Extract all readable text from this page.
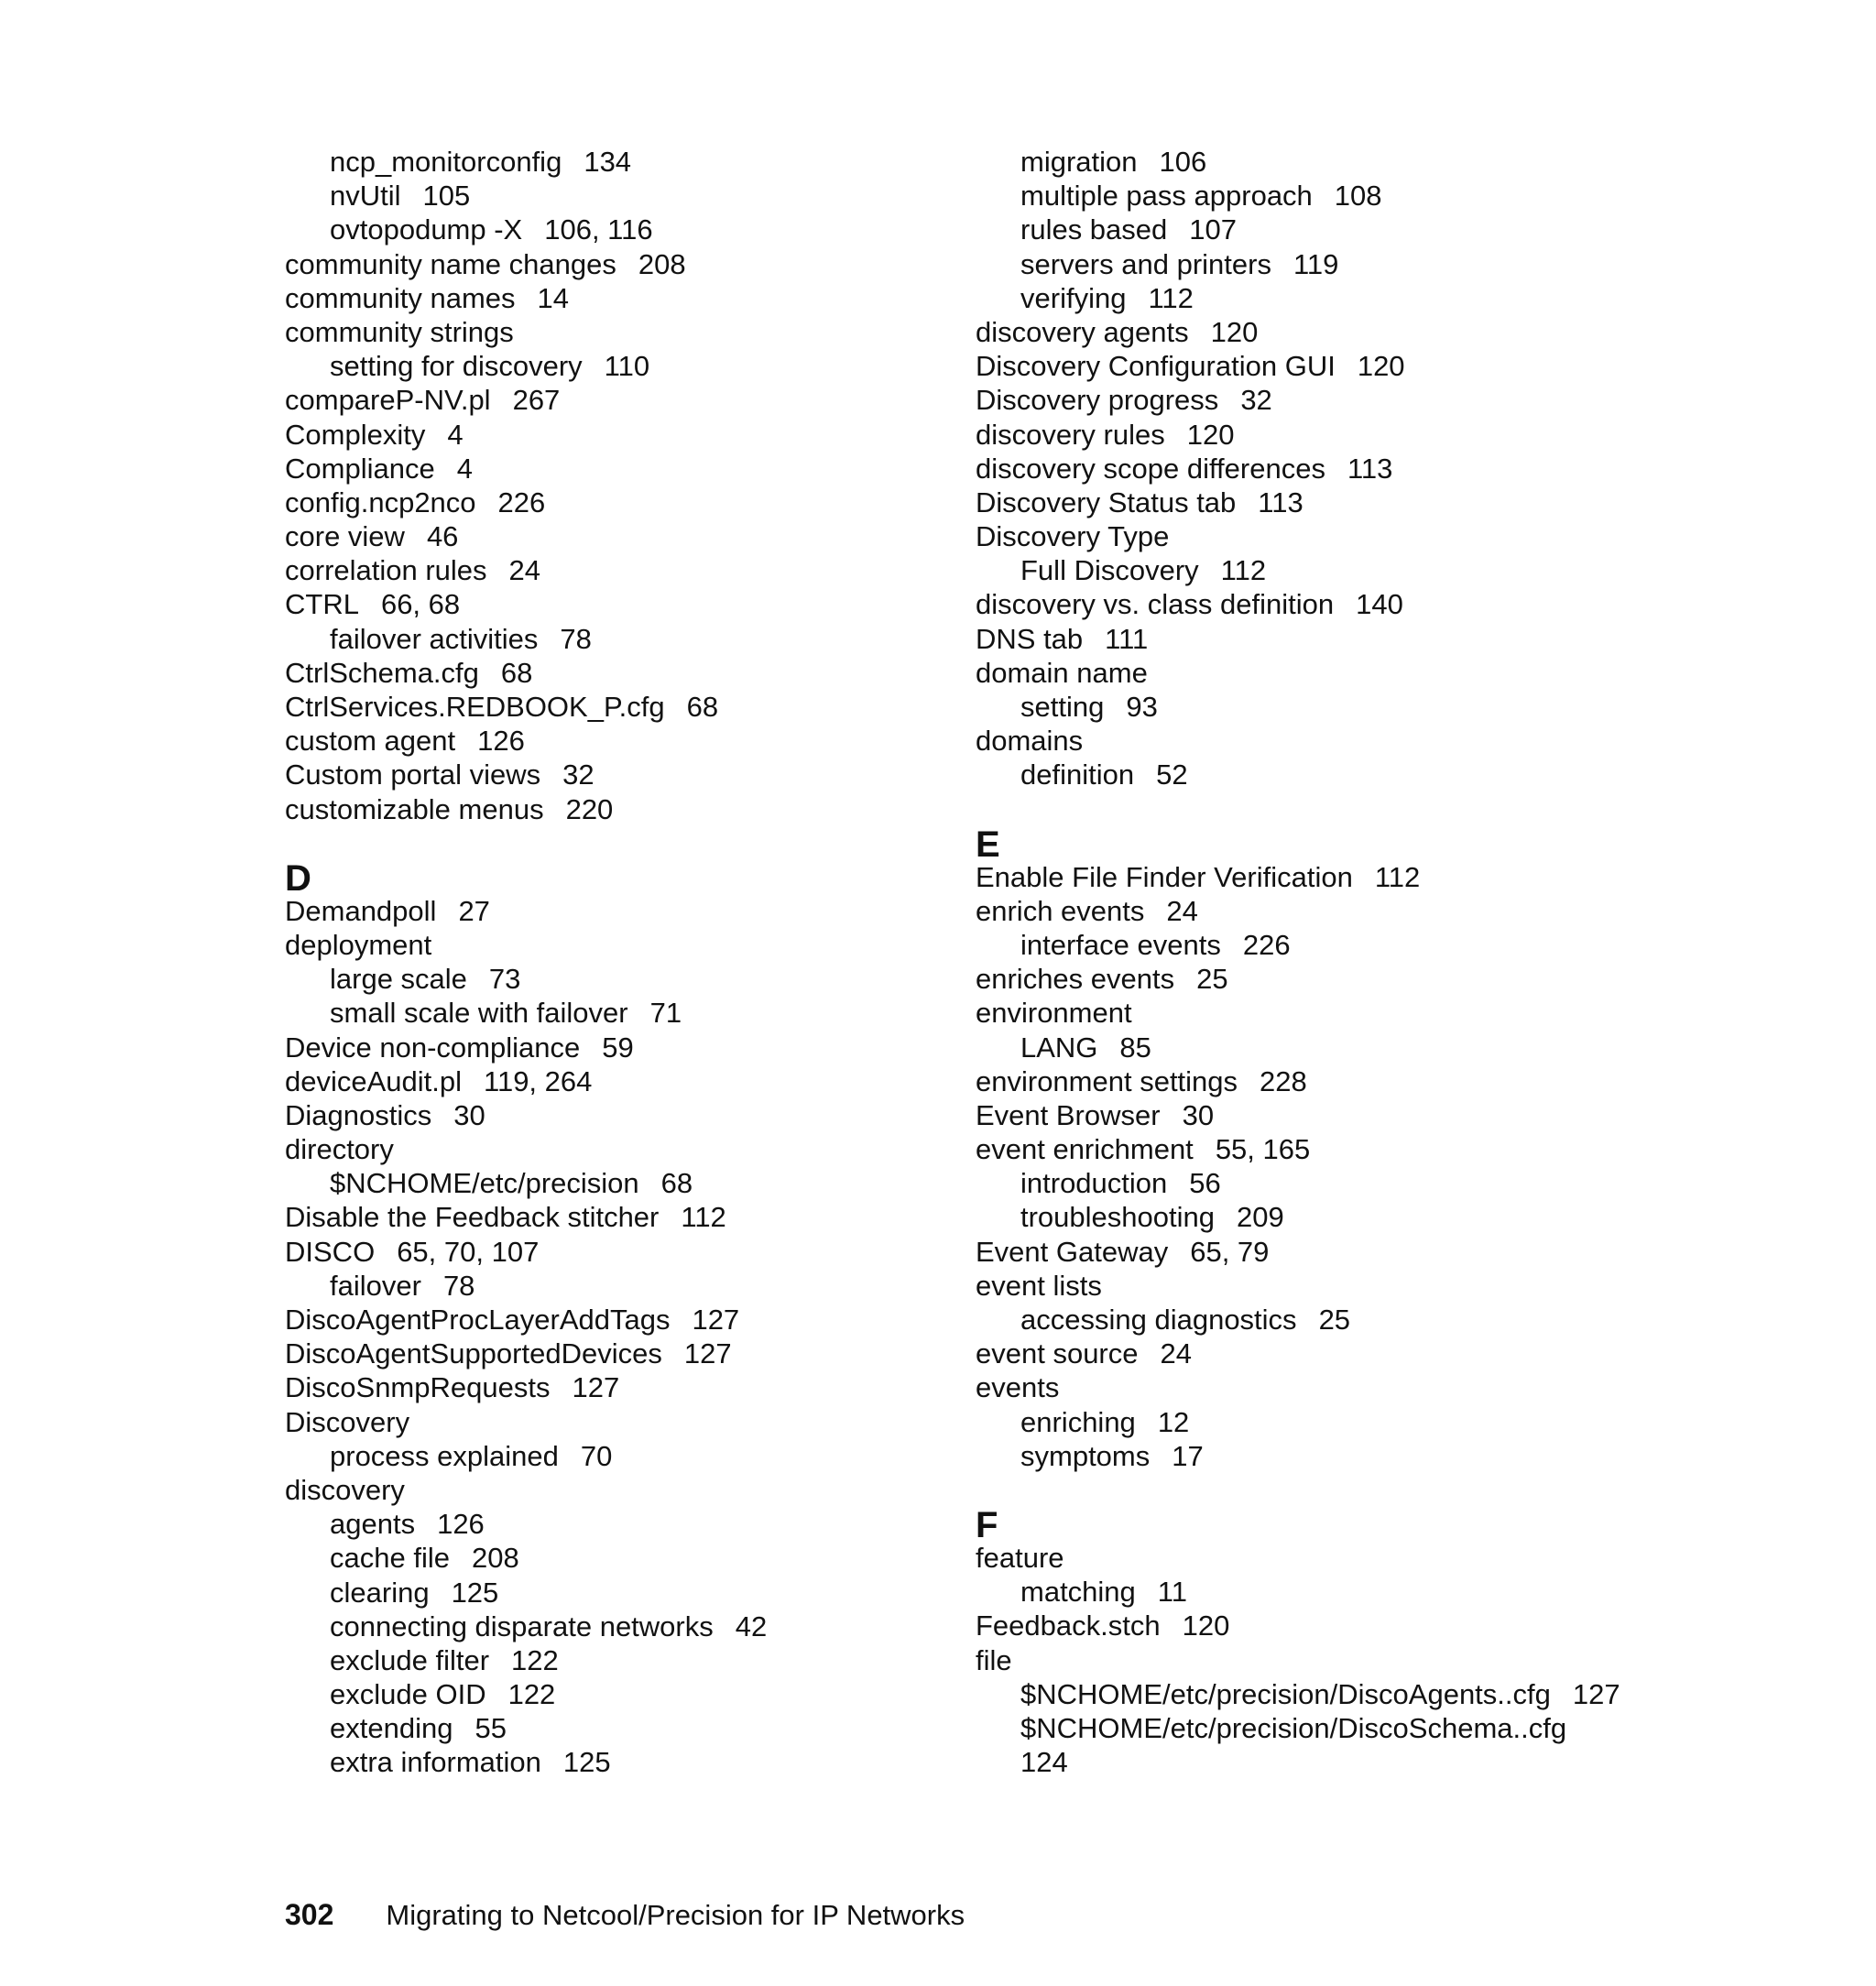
ncp_monitorconfig 134
nvUtil 105
ovtopodump -X 106, 116
community name changes 208
community names 14
community strings
setting for discovery 110
compareP-NV.pl 267
Complexity 4
Compliance 4
config.ncp2nco 226
core view 46
correlation rules 24
CTRL 66, 68
failover activities 78
CtrlSchema.cfg 68
CtrlServices.REDBOOK_P.cfg 68
custom agent 126
Custom portal views 32
customizable menus 220
D
Demandpoll 27
deployment
large scale 73
small scale with failover 71
Device non-compliance 59
deviceAudit.pl 119, 264
Diagnostics 30
directory
$NCHOME/etc/precision 68
Disable the Feedback stitcher 112
DISCO 65, 70, 107
failover 78
DiscoAgentProcLayerAddTags 127
DiscoAgentSupportedDevices 127
DiscoSnmpRequests 127
Discovery
process explained 70
discovery
agents 126
cache file 208
clearing 125
connecting disparate networks 42
exclude filter 122
exclude OID 122
extending 55
extra information 125
migration 106
multiple pass approach 108
rules based 107
servers and printers 119
verifying 112
discovery agents 120
Discovery Configuration GUI 120
Discovery progress 32
discovery rules 120
discovery scope differences 113
Discovery Status tab 113
Discovery Type
Full Discovery 112
discovery vs. class definition 140
DNS tab 111
domain name
setting 93
domains
definition 52
E
Enable File Finder Verification 112
enrich events 24
interface events 226
enriches events 25
environment
LANG 85
environment settings 228
Event Browser 30
event enrichment 55, 165
introduction 56
troubleshooting 209
Event Gateway 65, 79
event lists
accessing diagnostics 25
event source 24
events
enriching 12
symptoms 17
F
feature
matching 11
Feedback.stch 120
file
$NCHOME/etc/precision/DiscoAgents..cfg 127
$NCHOME/etc/precision/DiscoSchema..cfg
124
302 Migrating to Netcool/Precision for IP Networks
